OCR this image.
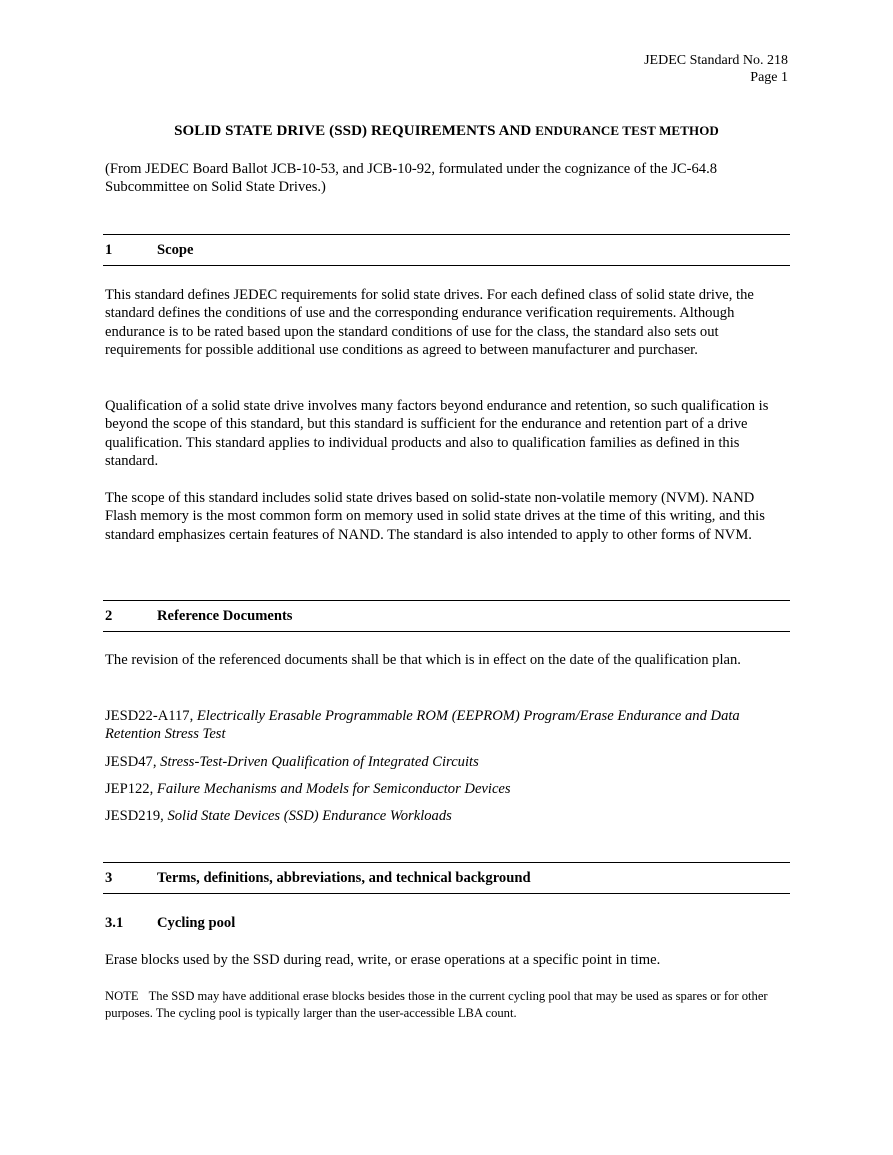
JEDEC Standard No. 218
Page 1
SOLID STATE DRIVE (SSD) REQUIREMENTS AND ENDURANCE TEST METHOD

(From JEDEC Board Ballot JCB-10-53, and JCB-10-92, formulated under the cognizance of the JC-64.8 Subcommittee on Solid State Drives.)

1	Scope

This standard defines JEDEC requirements for solid state drives. For each defined class of solid state drive, the standard defines the conditions of use and the corresponding endurance verification requirements. Although endurance is to be rated based upon the standard conditions of use for the class, the standard also sets out requirements for possible additional use conditions as agreed to between manufacturer and purchaser.

Qualification of a solid state drive involves many factors beyond endurance and retention, so such qualification is beyond the scope of this standard, but this standard is sufficient for the endurance and retention part of a drive qualification. This standard applies to individual products and also to qualification families as defined in this standard.

The scope of this standard includes solid state drives based on solid-state non-volatile memory (NVM). NAND Flash memory is the most common form on memory used in solid state drives at the time of this writing, and this standard emphasizes certain features of NAND. The standard is also intended to apply to other forms of NVM.

2	Reference Documents

The revision of the referenced documents shall be that which is in effect on the date of the qualification plan.

JESD22-A117, Electrically Erasable Programmable ROM (EEPROM) Program/Erase Endurance and Data Retention Stress Test

JESD47, Stress-Test-Driven Qualification of Integrated Circuits

JEP122, Failure Mechanisms and Models for Semiconductor Devices

JESD219, Solid State Devices (SSD) Endurance Workloads

3	Terms, definitions, abbreviations, and technical background
3.1 Cycling pool

Erase blocks used by the SSD during read, write, or erase operations at a specific point in time.

NOTE The SSD may have additional erase blocks besides those in the current cycling pool that may be used as spares or for other purposes. The cycling pool is typically larger than the user-accessible LBA count.
